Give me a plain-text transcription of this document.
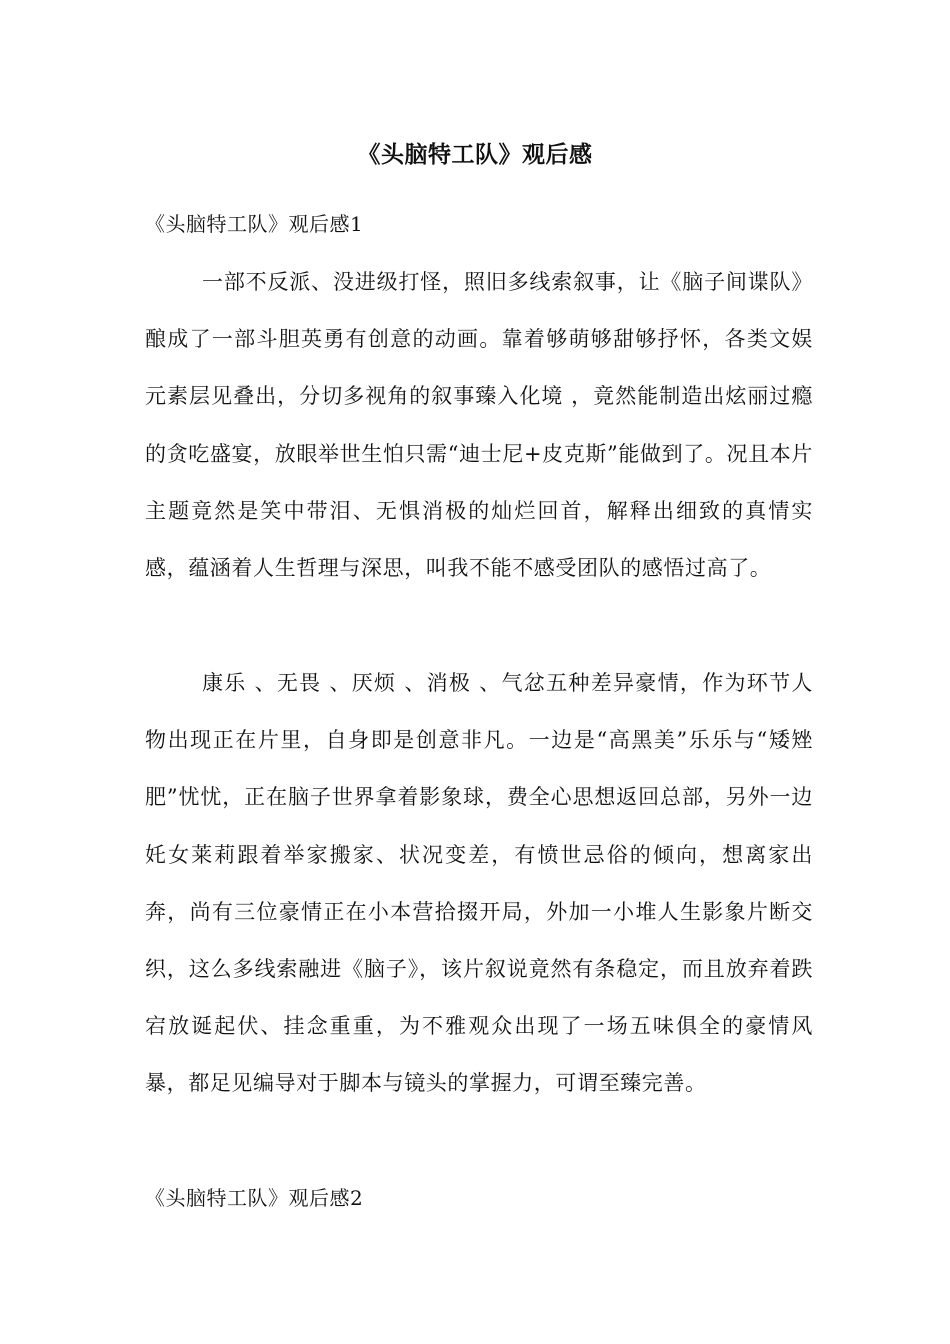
《头脑特工队》观后感
《头脑特工队》观后感1

一部不反派、没进级打怪，照旧多线索叙事，让《脑子间谍队》酿成了一部斗胆英勇有创意的动画。靠着够萌够甜够抒怀，各类文娱元素层见叠出，分切多视角的叙事臻入化境 ，竟然能制造出炫丽过瘾的贪吃盛宴，放眼举世生怕只需“迪士尼+皮克斯”能做到了。况且本片主题竟然是笑中带泪、无惧消极的灿烂回首，解释出细致的真情实感，蕴涵着人生哲理与深思，叫我不能不感受团队的感悟过高了。

康乐 、无畏 、厌烦 、消极 、气忿五种差异豪情，作为环节人物出现正在片里，自身即是创意非凡。一边是“高黑美”乐乐与“矮矬肥”忧忧，正在脑子世界拿着影象球，费全心思想返回总部，另外一边奼女莱莉跟着举家搬家、状况变差，有愤世忌俗的倾向，想离家出奔，尚有三位豪情正在小本营拾掇开局，外加一小堆人生影象片断交织，这么多线索融进《脑子》，该片叙说竟然有条稳定，而且放弃着跌宕放诞起伏、挂念重重，为不雅观众出现了一场五味俱全的豪情风暴，都足见编导对于脚本与镜头的掌握力，可谓至臻完善。

《头脑特工队》观后感2
